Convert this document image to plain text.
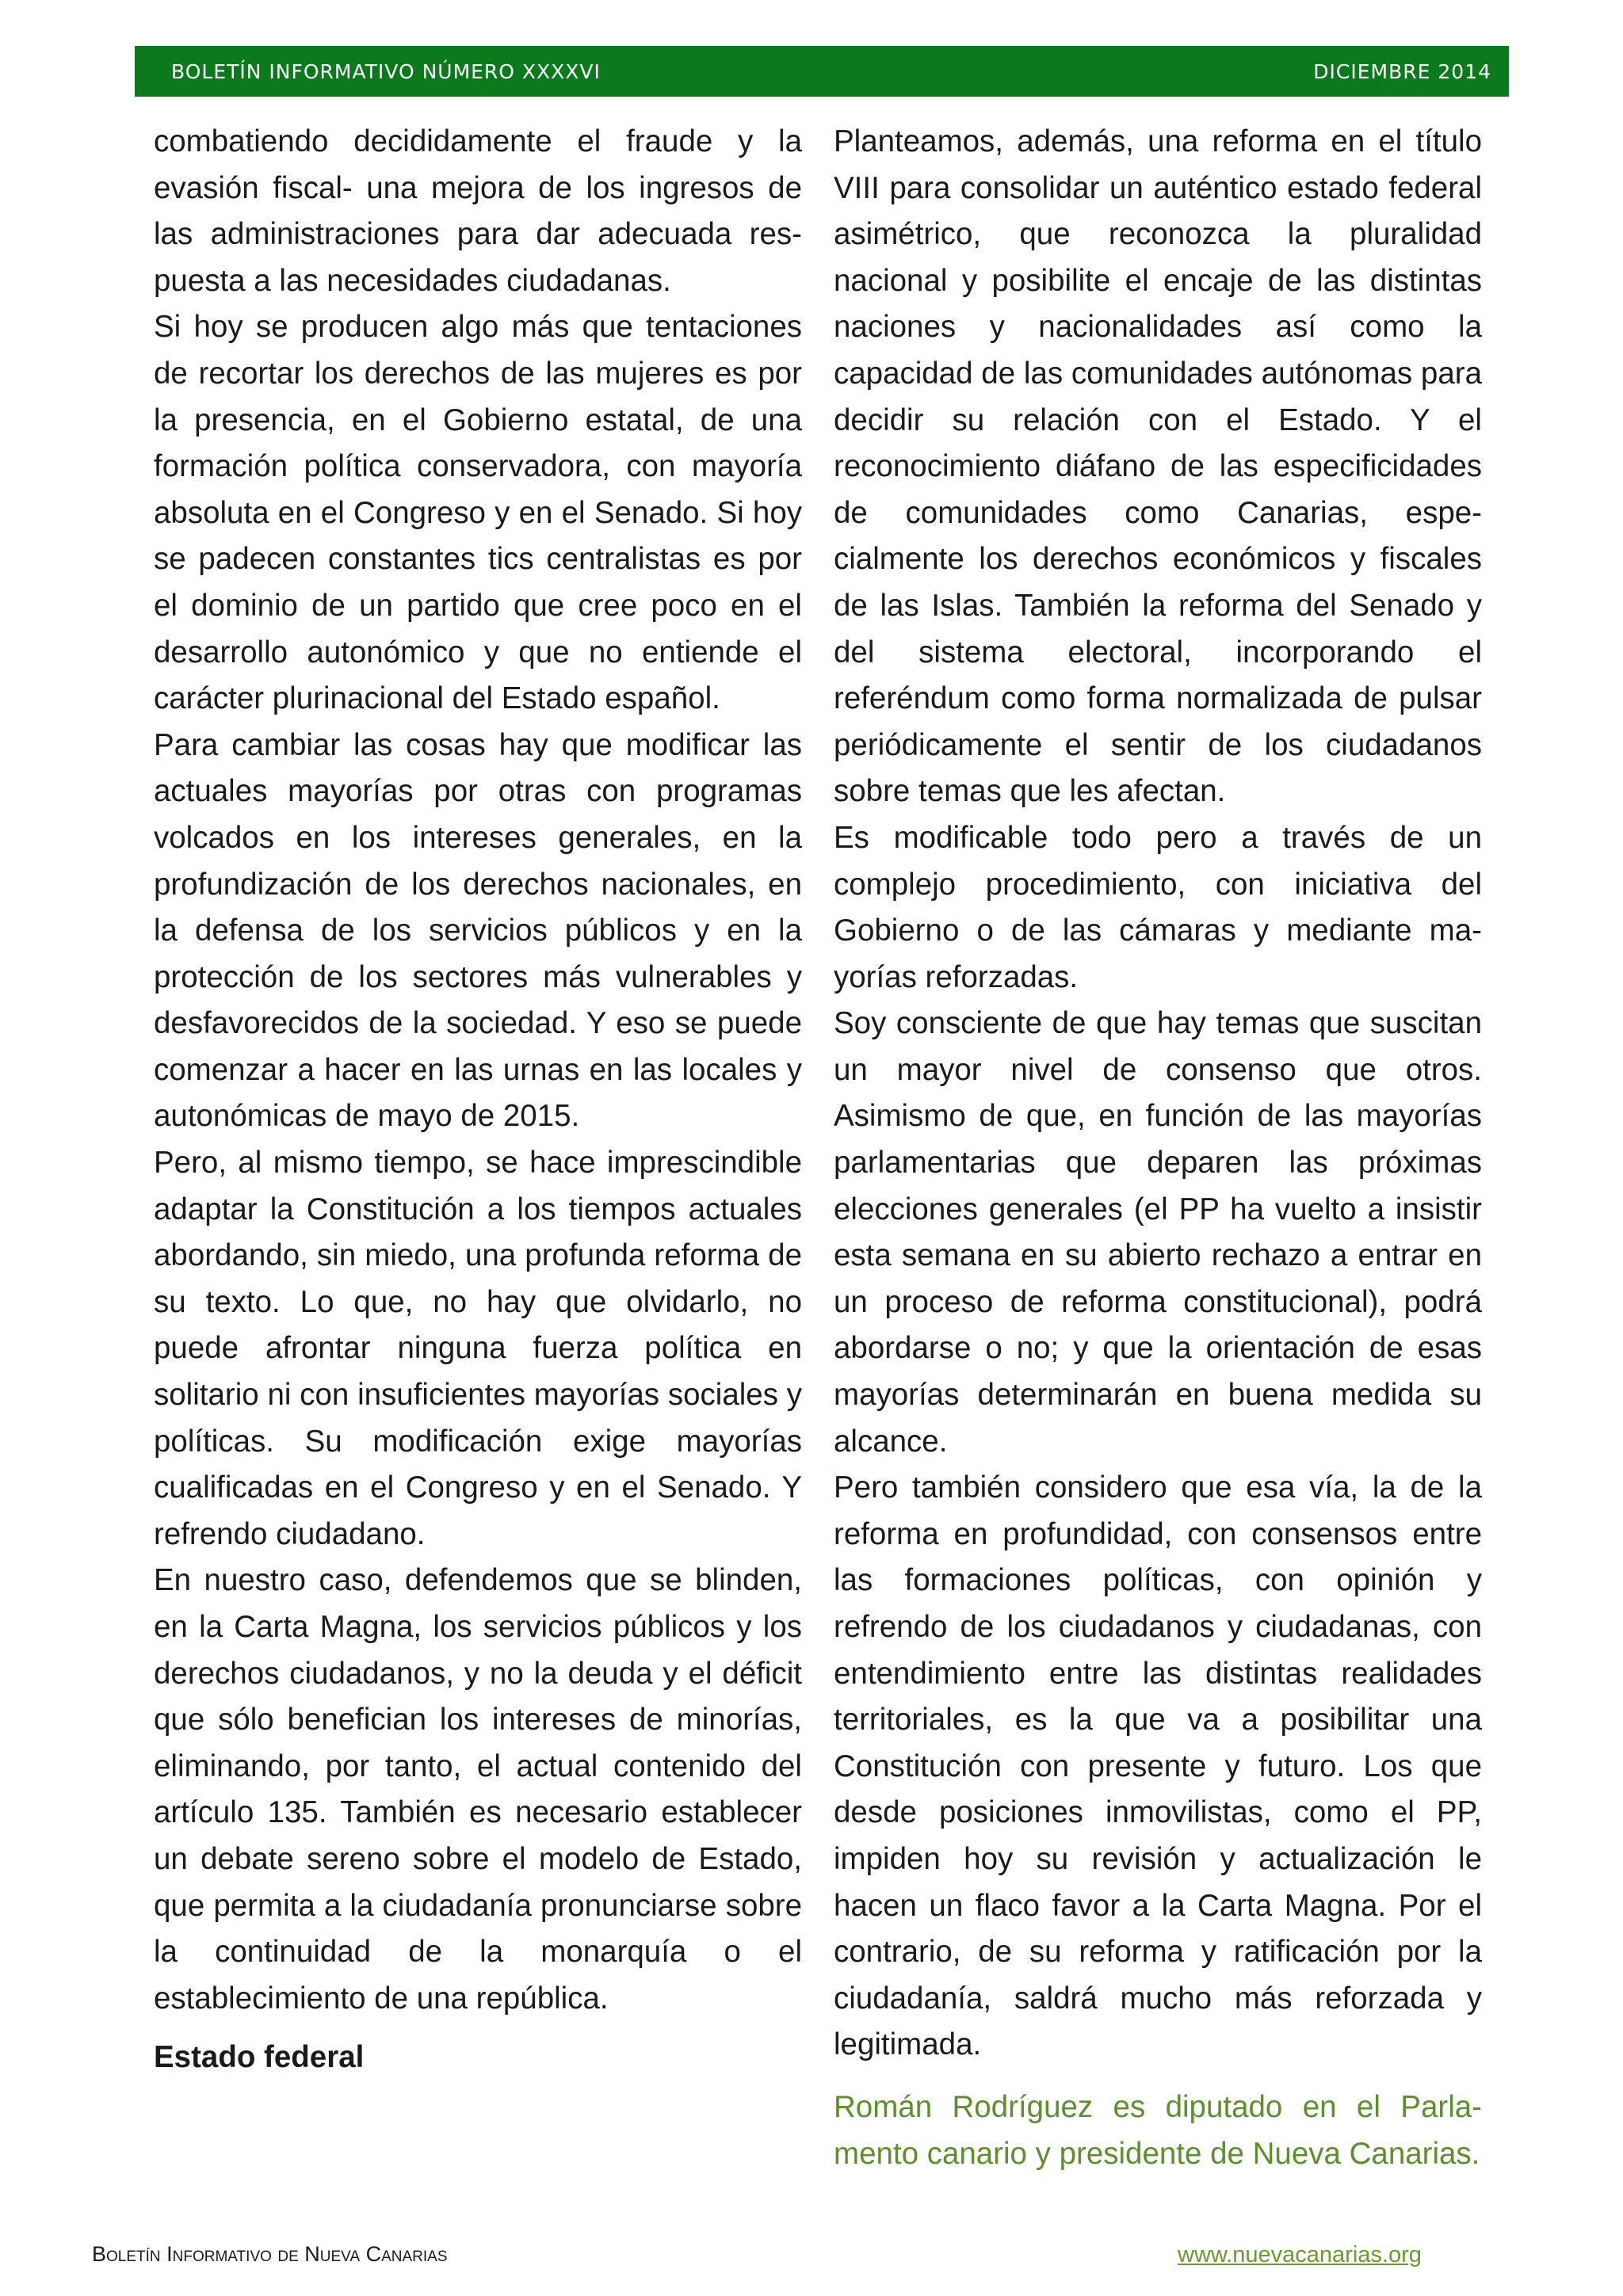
BOLETÍN INFORMATIVO NÚMERO XXXXVI	DICIEMBRE 2014

combatiendo decididamente el fraude y la evasión fiscal- una mejora de los ingresos de las administraciones para dar adecuada respuesta a las necesidades ciudadanas.

Si hoy se producen algo más que tentaciones de recortar los derechos de las mujeres es por la presencia, en el Gobierno estatal, de una formación política conservadora, con mayoría absoluta en el Congreso y en el Senado. Si hoy se padecen constantes tics centralistas es por el dominio de un partido que cree poco en el desarrollo autonómico y que no entiende el carácter plurinacional del Estado español.

Para cambiar las cosas hay que modificar las actuales mayorías por otras con programas volcados en los intereses generales, en la profundización de los derechos nacionales, en la defensa de los servicios públicos y en la protección de los sectores más vulnerables y desfavorecidos de la sociedad. Y eso se puede comenzar a hacer en las urnas en las locales y autonómicas de mayo de 2015.

Pero, al mismo tiempo, se hace imprescindible adaptar la Constitución a los tiempos actuales abordando, sin miedo, una profunda reforma de su texto. Lo que, no hay que olvidarlo, no puede afrontar ninguna fuerza política en solitario ni con insuficientes mayorías sociales y políticas. Su modificación exige mayorías cualificadas en el Congreso y en el Senado. Y refrendo ciudadano.

En nuestro caso, defendemos que se blinden, en la Carta Magna, los servicios públicos y los derechos ciudadanos, y no la deuda y el déficit que sólo benefician los intereses de minorías, eliminando, por tanto, el actual contenido del artículo 135. También es necesario establecer un debate sereno sobre el modelo de Estado, que permita a la ciudadanía pronunciarse sobre la continuidad de la monarquía o el establecimiento de una república.

Estado federal

Planteamos, además, una reforma en el título VIII para consolidar un auténtico estado federal asimétrico, que reconozca la pluralidad nacional y posibilite el encaje de las distintas naciones y nacionalidades así como la capacidad de las comunidades autónomas para decidir su relación con el Estado. Y el reconocimiento diáfano de las especificidades de comunidades como Canarias, especialmente los derechos económicos y fiscales de las Islas. También la reforma del Senado y del sistema electoral, incorporando el referéndum como forma normalizada de pulsar periódicamente el sentir de los ciudadanos sobre temas que les afectan.

Es modificable todo pero a través de un complejo procedimiento, con iniciativa del Gobierno o de las cámaras y mediante mayorías reforzadas.

Soy consciente de que hay temas que suscitan un mayor nivel de consenso que otros. Asimismo de que, en función de las mayorías parlamentarias que deparen las próximas elecciones generales (el PP ha vuelto a insistir esta semana en su abierto rechazo a entrar en un proceso de reforma constitucional), podrá abordarse o no; y que la orientación de esas mayorías determinarán en buena medida su alcance.

Pero también considero que esa vía, la de la reforma en profundidad, con consensos entre las formaciones políticas, con opinión y refrendo de los ciudadanos y ciudadanas, con entendimiento entre las distintas realidades territoriales, es la que va a posibilitar una Constitución con presente y futuro. Los que desde posiciones inmovilistas, como el PP, impiden hoy su revisión y actualización le hacen un flaco favor a la Carta Magna. Por el contrario, de su reforma y ratificación por la ciudadanía, saldrá mucho más reforzada y legitimada.

Román Rodríguez es diputado en el Parlamento canario y presidente de Nueva Canarias.

Boletín Informativo de Nueva Canarias	www.nuevacanarias.org
